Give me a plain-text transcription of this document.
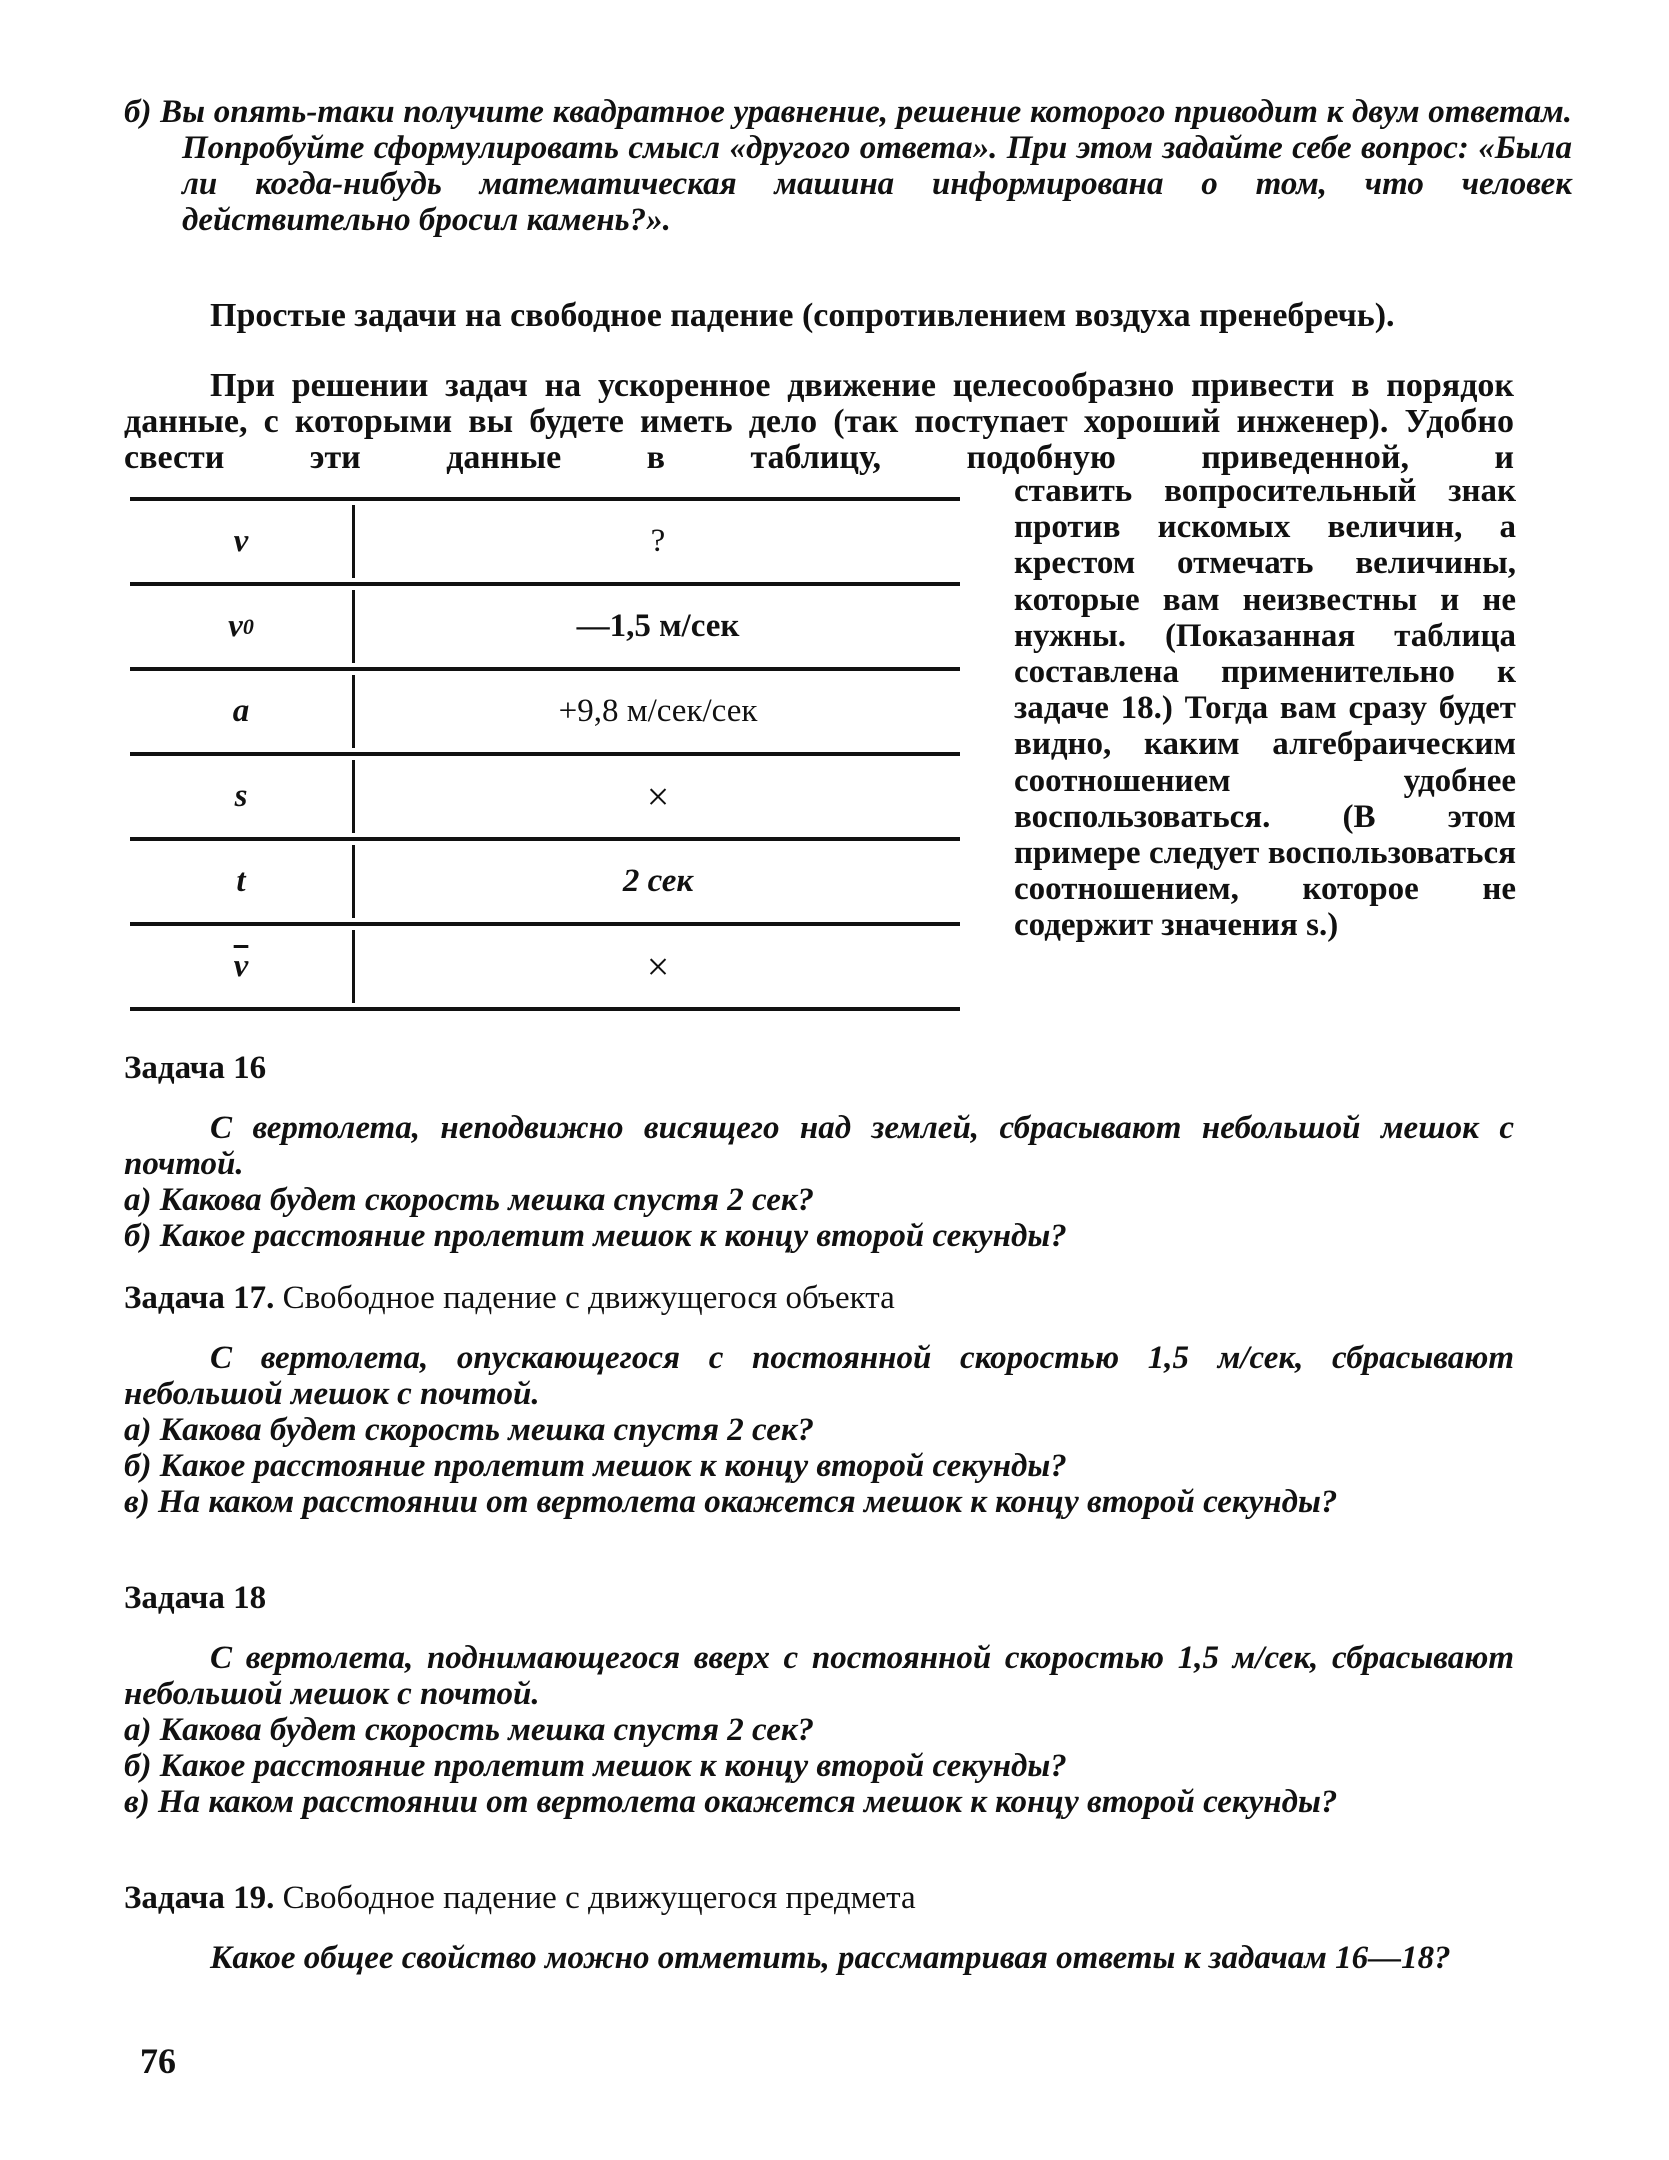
б) Вы опять-таки получите квадратное уравнение, решение которого приводит к двум ответам. Попробуйте сформулировать смысл «другого ответа». При этом задайте себе вопрос: «Была ли когда-нибудь математическая машина информирована о том, что человек действительно бросил камень?».

Простые задачи на свободное падение (сопротивлением воздуха пренебречь).

При решении задач на ускоренное движение целесообразно привести в порядок данные, с которыми вы будете иметь дело (так поступает хороший инженер). Удобно свести эти данные в таблицу, подобную приведенной, и

v	?
v 0	—1,5 м/сек
a	+9,8 м/сек/сек
s	×
t	2 сек
$\overline{v}$	×

ставить вопросительный знак против искомых величин, а крестом отмечать величины, которые вам неизвестны и не нужны. (Показанная таблица составлена применительно к задаче 18.) Тогда вам сразу будет видно, каким алгебраическим соотношением удобнее воспользоваться. (В этом примере следует воспользоваться соотношением, которое не содержит значения s.)

Задача 16

С вертолета, неподвижно висящего над землей, сбрасывают небольшой мешок с почтой.

а) Какова будет скорость мешка спустя 2 сек?

б) Какое расстояние пролетит мешок к концу второй секунды?

Задача 17. Свободное падение с движущегося объекта

С вертолета, опускающегося с постоянной скоростью 1,5 м/сек, сбрасывают небольшой мешок с почтой.

а) Какова будет скорость мешка спустя 2 сек?

б) Какое расстояние пролетит мешок к концу второй секунды?

в) На каком расстоянии от вертолета окажется мешок к концу второй секунды?

Задача 18

С вертолета, поднимающегося вверх с постоянной скоростью 1,5 м/сек, сбрасывают небольшой мешок с почтой.

а) Какова будет скорость мешка спустя 2 сек?

б) Какое расстояние пролетит мешок к концу второй секунды?

в) На каком расстоянии от вертолета окажется мешок к концу второй секунды?

Задача 19. Свободное падение с движущегося предмета

Какое общее свойство можно отметить, рассматривая ответы к задачам 16—18?

76
